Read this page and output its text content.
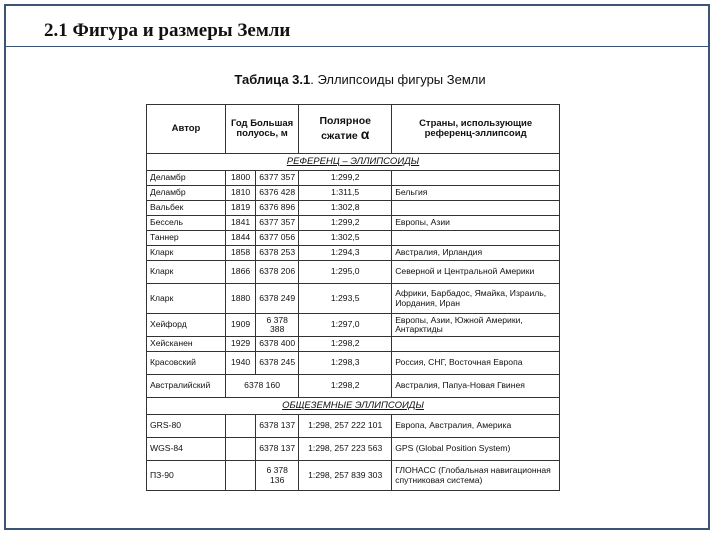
2.1 Фигура и размеры Земли
Таблица 3.1. Эллипсоиды фигуры Земли
Автор	Год Большая полуось, м		Полярное сжатие α	Страны, использующие референц-эллипсоид
РЕФЕРЕНЦ – ЭЛЛИПСОИДЫ				
Деламбр	1800	6377 357	1:299,2	
Деламбр	1810	6376 428	1:311,5	Бельгия
Вальбек	1819	6376 896	1:302,8	
Бессель	1841	6377 357	1:299,2	Европы, Азии
Таннер	1844	6377 056	1:302,5	
Кларк	1858	6378 253	1:294,3	Австралия, Ирландия
Кларк	1866	6378 206	1:295,0	Северной и Центральной Америки
Кларк	1880	6378 249	1:293,5	Африки, Барбадос, Ямайка, Израиль, Иордания, Иран
Хейфорд	1909	6 378 388	1:297,0	Европы, Азии, Южной Америки, Антарктиды
Хейсканен	1929	6378 400	1:298,2	
Красовский	1940	6378 245	1:298,3	Россия, СНГ, Восточная Европа
Австралийский	6378 160		1:298,2	Австралия, Папуа-Новая Гвинея
ОБЩЕЗЕМНЫЕ ЭЛЛИПСОИДЫ				
GRS-80		6378 137	1:298, 257 222 101	Европа, Австралия, Америка
WGS-84		6378 137	1:298, 257 223 563	GPS (Global Position System)
ПЗ-90		6 378 136	1:298, 257 839 303	ГЛОНАСС (Глобальная навигационная спутниковая система)
